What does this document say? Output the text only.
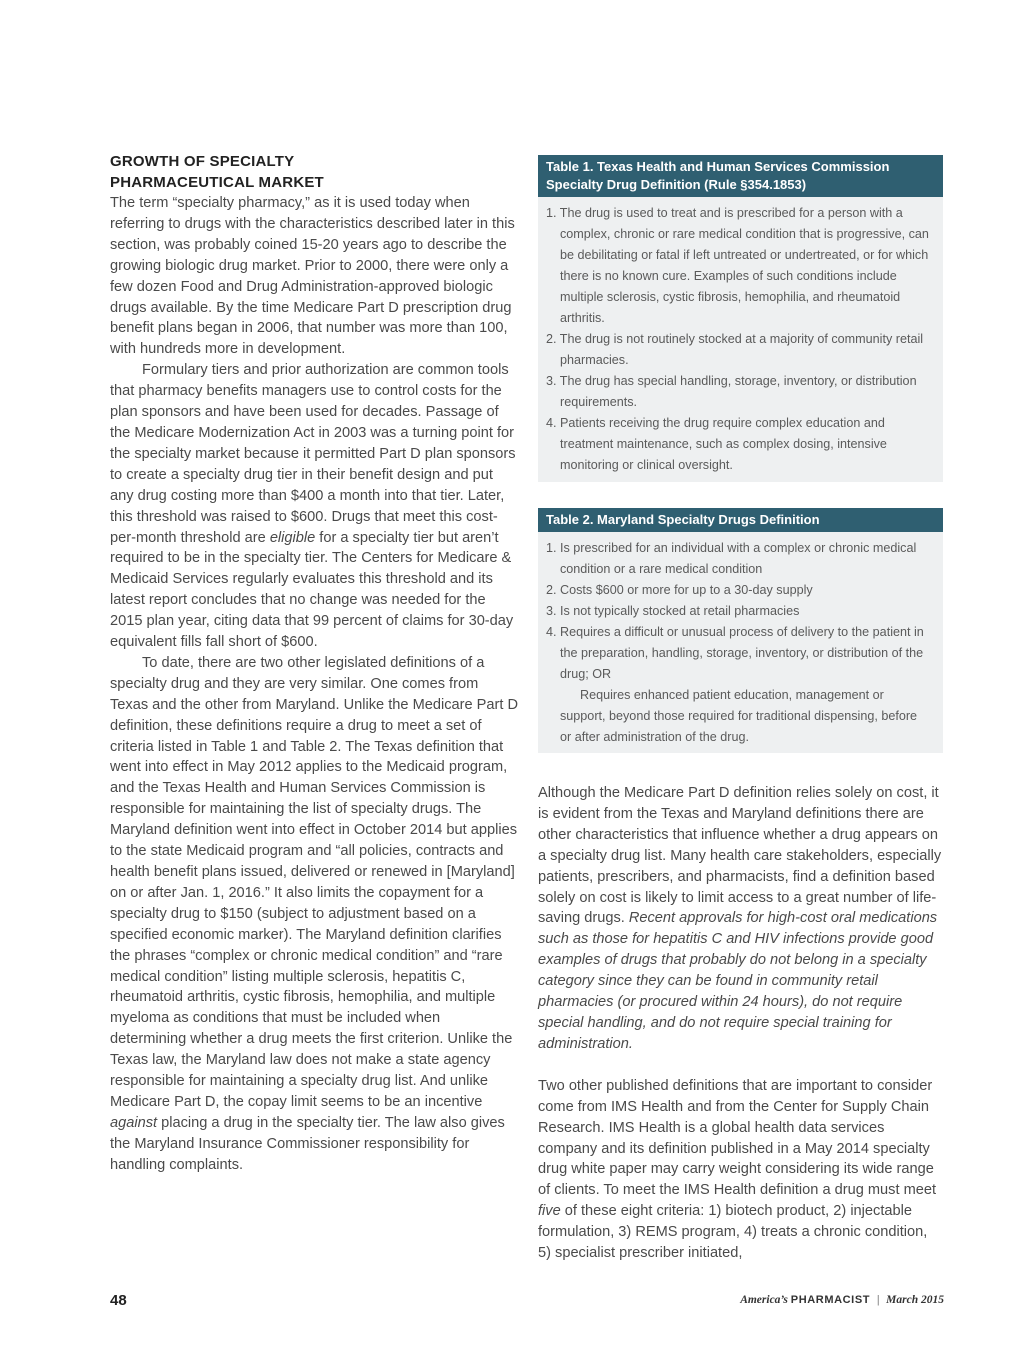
GROWTH OF SPECIALTY
PHARMACEUTICAL MARKET

The term “specialty pharmacy,” as it is used today when referring to drugs with the characteristics described later in this section, was probably coined 15-20 years ago to describe the growing biologic drug market. Prior to 2000, there were only a few dozen Food and Drug Administration-approved biologic drugs available. By the time Medicare Part D prescription drug benefit plans began in 2006, that number was more than 100, with hundreds more in development.

Formulary tiers and prior authorization are common tools that pharmacy benefits managers use to control costs for the plan sponsors and have been used for decades. Passage of the Medicare Modernization Act in 2003 was a turning point for the specialty market because it permitted Part D plan sponsors to create a specialty drug tier in their benefit design and put any drug costing more than $400 a month into that tier. Later, this threshold was raised to $600. Drugs that meet this cost-per-month threshold are eligible for a specialty tier but aren’t required to be in the specialty tier. The Centers for Medicare & Medicaid Services regularly evaluates this threshold and its latest report concludes that no change was needed for the 2015 plan year, citing data that 99 percent of claims for 30-day equivalent fills fall short of $600.

To date, there are two other legislated definitions of a specialty drug and they are very similar. One comes from Texas and the other from Maryland. Unlike the Medicare Part D definition, these definitions require a drug to meet a set of criteria listed in Table 1 and Table 2. The Texas definition that went into effect in May 2012 applies to the Medicaid program, and the Texas Health and Human Services Commission is responsible for maintaining the list of specialty drugs. The Maryland definition went into effect in October 2014 but applies to the state Medicaid program and “all policies, contracts and health benefit plans issued, delivered or renewed in [Maryland] on or after Jan. 1, 2016.” It also limits the copayment for a specialty drug to $150 (subject to adjustment based on a specified economic marker). The Maryland definition clarifies the phrases “complex or chronic medical condition” and “rare medical condition” listing multiple sclerosis, hepatitis C, rheumatoid arthritis, cystic fibrosis, hemophilia, and multiple myeloma as conditions that must be included when determining whether a drug meets the first criterion. Unlike the Texas law, the Maryland law does not make a state agency responsible for maintaining a specialty drug list. And unlike Medicare Part D, the copay limit seems to be an incentive against placing a drug in the specialty tier. The law also gives the Maryland Insurance Commissioner responsibility for handling complaints.

Table 1. Texas Health and Human Services Commission Specialty Drug Definition (Rule §354.1853)

1. The drug is used to treat and is prescribed for a person with a complex, chronic or rare medical condition that is progressive, can be debilitating or fatal if left untreated or undertreated, or for which there is no known cure. Examples of such conditions include multiple sclerosis, cystic fibrosis, hemophilia, and rheumatoid arthritis.

2. The drug is not routinely stocked at a majority of community retail pharmacies.

3. The drug has special handling, storage, inventory, or distribution requirements.

4. Patients receiving the drug require complex education and treatment maintenance, such as complex dosing, intensive monitoring or clinical oversight.

Table 2. Maryland Specialty Drugs Definition

1. Is prescribed for an individual with a complex or chronic medical condition or a rare medical condition

2. Costs $600 or more for up to a 30-day supply

3. Is not typically stocked at retail pharmacies

4. Requires a difficult or unusual process of delivery to the patient in the preparation, handling, storage, inventory, or distribution of the drug; OR

Requires enhanced patient education, management or support, beyond those required for traditional dispensing, before or after administration of the drug.

Although the Medicare Part D definition relies solely on cost, it is evident from the Texas and Maryland definitions there are other characteristics that influence whether a drug appears on a specialty drug list. Many health care stakeholders, especially patients, prescribers, and pharmacists, find a definition based solely on cost is likely to limit access to a great number of life-saving drugs. Recent approvals for high-cost oral medications such as those for hepatitis C and HIV infections provide good examples of drugs that probably do not belong in a specialty category since they can be found in community retail pharmacies (or procured within 24 hours), do not require special handling, and do not require special training for administration.

Two other published definitions that are important to consider come from IMS Health and from the Center for Supply Chain Research. IMS Health is a global health data services company and its definition published in a May 2014 specialty drug white paper may carry weight considering its wide range of clients. To meet the IMS Health definition a drug must meet five of these eight criteria: 1) biotech product, 2) injectable formulation, 3) REMS program, 4) treats a chronic condition, 5) specialist prescriber initiated,

48	America’s PHARMACIST | March 2015
